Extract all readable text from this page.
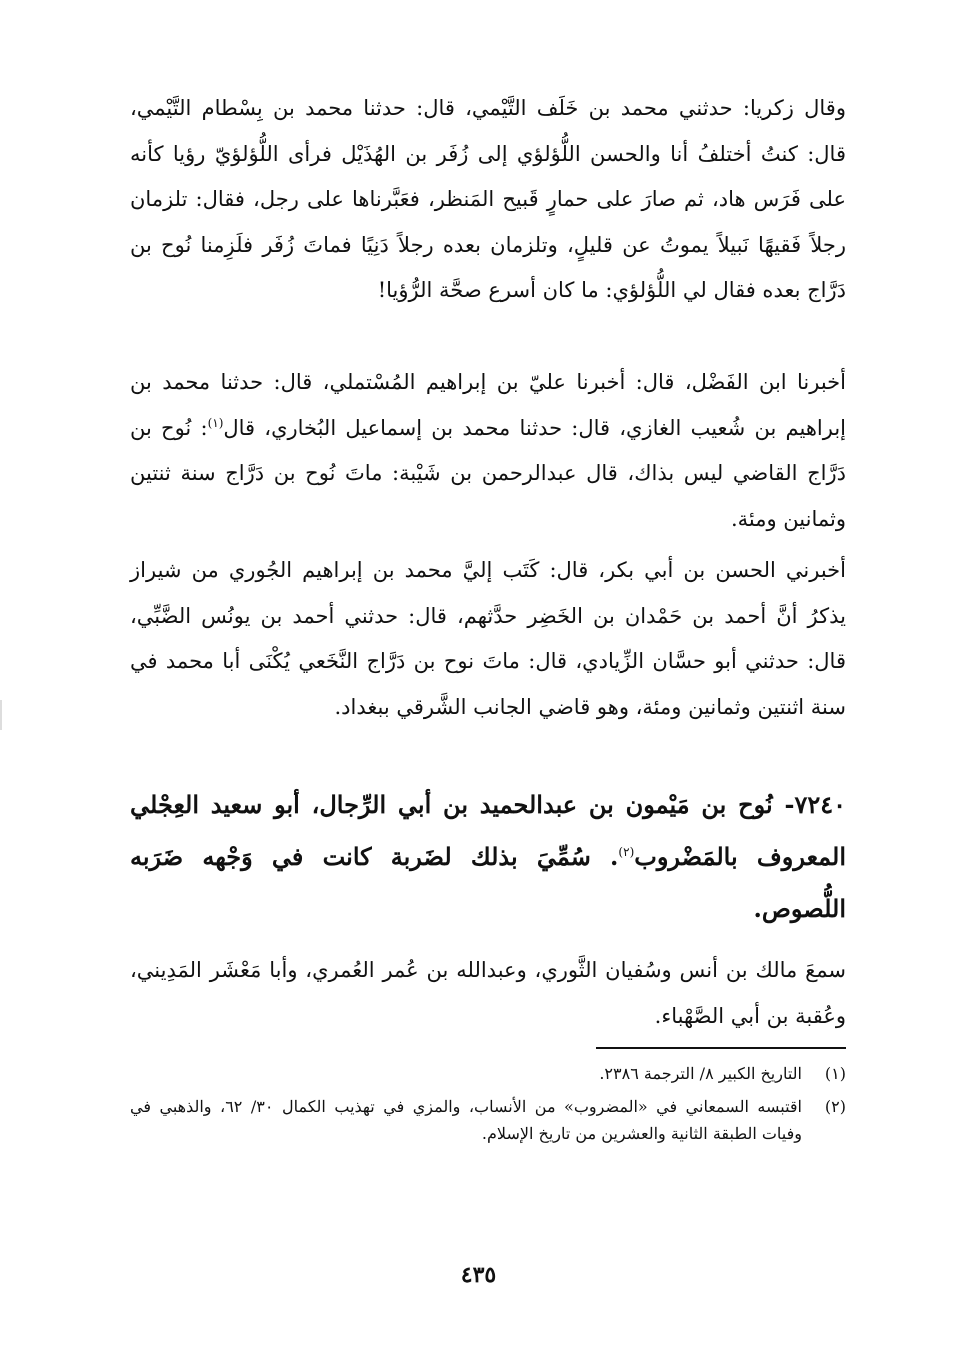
وقال زكريا: حدثني محمد بن خَلَف التَّيْمي، قال: حدثنا محمد بن بِسْطام التَّيْمي، قال: كنتُ أختلفُ أنا والحسن اللُّؤلؤي إلى زُفَر بن الهُذَيْل فرأى اللُّؤلؤيّ رؤيا كأنه على فَرَس هاد، ثم صارَ على حمارٍ قَبيح المَنظر، فعَبَّرناها على رجل، فقال: تلزمان رجلاً فَقيهًا نَبيلاً يموتُ عن قليلٍ، وتلزمان بعده رجلاً دَنِيًا فماتَ زُفَر فلَزِمنا نُوح بن دَرَّاج بعده فقال لي اللُّؤلؤي: ما كان أسرع صحَّة الرُّؤيا!

أخبرنا ابن الفَضْل، قال: أخبرنا عليّ بن إبراهيم المُسْتملي، قال: حدثنا محمد بن إبراهيم بن شُعيب الغازي، قال: حدثنا محمد بن إسماعيل البُخاري، قال$^{(١)}$: نُوح بن دَرَّاج القاضي ليس بذاك، قال عبدالرحمن بن شَيْبة: ماتَ نُوح بن دَرَّاج سنة ثنتين وثمانين ومئة.

أخبرني الحسن بن أبي بكر، قال: كَتَب إليَّ محمد بن إبراهيم الجُوري من شيراز يذكرُ أنَّ أحمد بن حَمْدان بن الخَضِر حدَّثهم، قال: حدثني أحمد بن يونُس الضَّبِّي، قال: حدثني أبو حسَّان الزِّيادي، قال: ماتَ نوح بن دَرَّاج النَّخَعي يُكْنَى أبا محمد في سنة اثنتين وثمانين ومئة، وهو قاضي الجانب الشَّرقي ببغداد.

٧٢٤٠- نُوح بن مَيْمون بن عبدالحميد بن أبي الرِّجال، أبو سعيد العِجْلي المعروف بالمَضْروب$^{(٢)}$. سُمِّيَ بذلك لضَربة كانت في وَجْهه ضَرَبه اللُّصوص.

سمعَ مالك بن أنس وسُفيان الثَّوري، وعبدالله بن عُمر العُمري، وأبا مَعْشَر المَدِيني، وعُقبة بن أبي الصَّهْباء.

(١)
التاريخ الكبير ٨/ الترجمة ٢٣٨٦.
(٢)
اقتبسه السمعاني في «المضروب» من الأنساب، والمزي في تهذيب الكمال ٣٠/ ٦٢، والذهبي في وفيات الطبقة الثانية والعشرين من تاريخ الإسلام.
٤٣٥
